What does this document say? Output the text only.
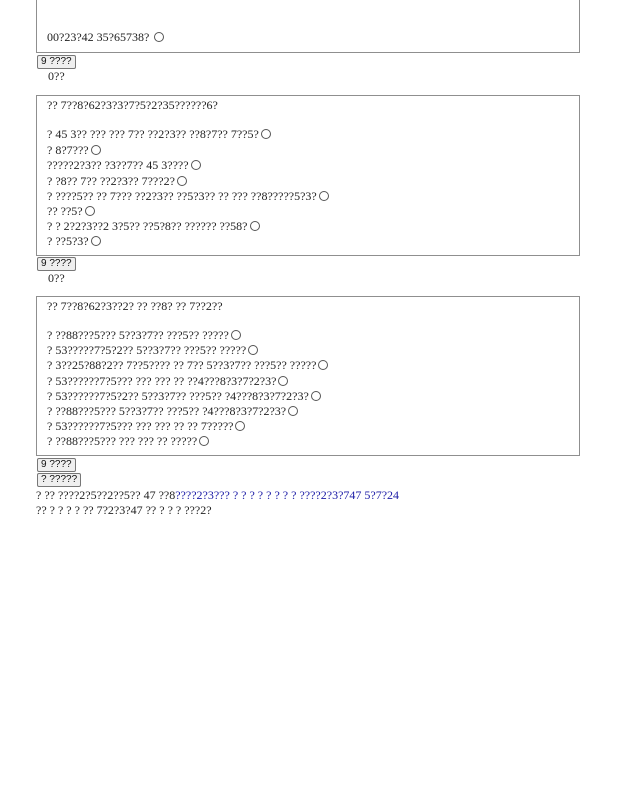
00?23?42 35?65738?
9 ????
0??
?? 7??8?62?3?3?7?5?2?35??????6?
? 45 3?? ??? ??? 7?? ??2?3?? ??8?7?? 7??5?
? 8?7???
?????2?3?? ?3??7?? 45 3????
? ?8?? 7?? ??2?3?? 7???2?
? ????5?? ?? 7??? ??2?3?? ??5?3?? ?? ??? ??8?????5?3?
?? ??5?
? ? 2?2?3??2 3?5?? ??5?8?? ?????? ??58?
? ??5?3?
9 ????
0??
?? 7??8?62?3??2? ?? ??8? ?? 7??2??
? ??88???5??? 5??3?7?? ???5?? ?????
? 53?????7?5?2?? 5??3?7?? ???5?? ?????
? 3??25?88?2?? 7??5???? ?? 7?? 5??3?7?? ???5?? ?????
? 53??????7?5??? ??? ??? ?? ??4???8?3?7?2?3?
? 53??????7?5?2?? 5??3?7?? ???5?? ?4???8?3?7?2?3?
? ??88???5??? 5??3?7?? ???5?? ?4???8?3?7?2?3?
? 53??????7?5??? ??? ??? ?? ?? 7?????
? ??88???5??? ??? ??? ?? ?????
9 ????
? ?????
? ?? ????2?5??2??5?? 47 ??8????2?3??? ? ? ? ? ? ? ? ? ????2?3?747 5?7?24
?? ? ? ? ? ?? 7?2?3?47 ?? ? ? ? ???2?
